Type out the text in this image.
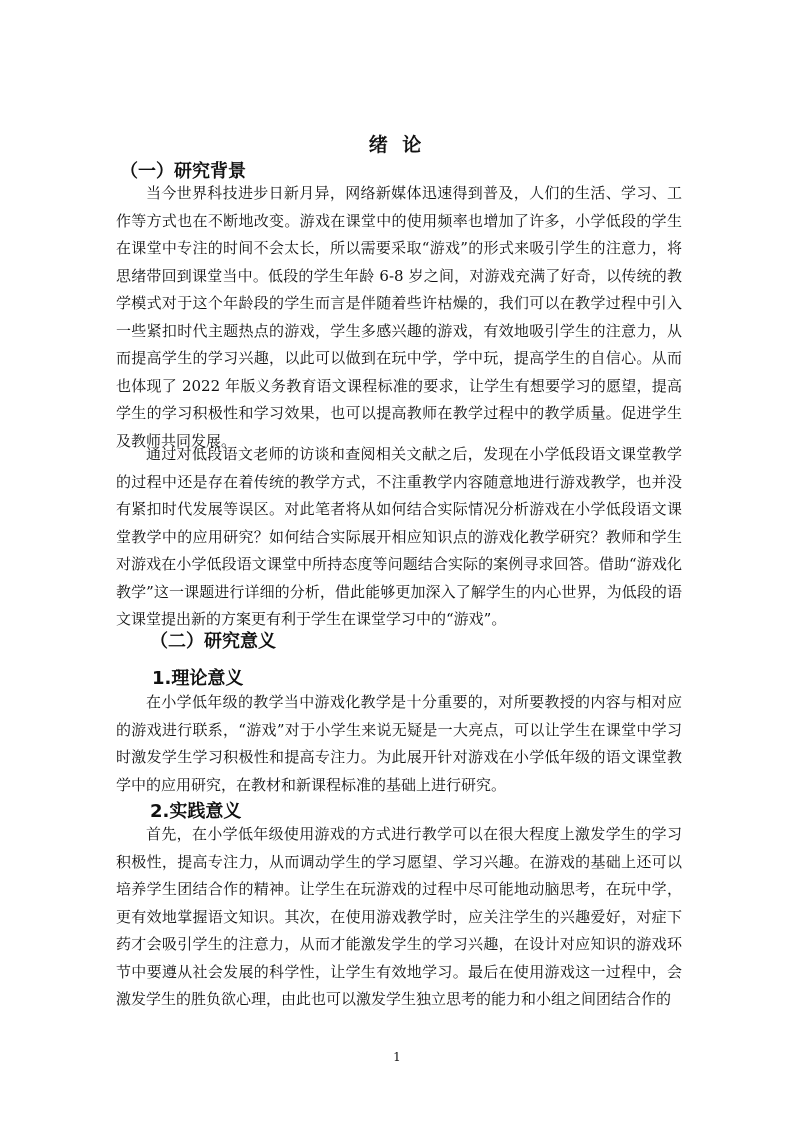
绪 论
（一）研究背景

当今世界科技进步日新月异，网络新媒体迅速得到普及，人们的生活、学习、工作等方式也在不断地改变。游戏在课堂中的使用频率也增加了许多，小学低段的学生在课堂中专注的时间不会太长，所以需要采取“游戏”的形式来吸引学生的注意力，将思绪带回到课堂当中。低段的学生年龄 6-8 岁之间，对游戏充满了好奇，以传统的教学模式对于这个年龄段的学生而言是伴随着些许枯燥的，我们可以在教学过程中引入一些紧扣时代主题热点的游戏，学生多感兴趣的游戏，有效地吸引学生的注意力，从而提高学生的学习兴趣，以此可以做到在玩中学，学中玩，提高学生的自信心。从而也体现了 2022 年版义务教育语文课程标准的要求，让学生有想要学习的愿望，提高学生的学习积极性和学习效果，也可以提高教师在教学过程中的教学质量。促进学生及教师共同发展。

通过对低段语文老师的访谈和查阅相关文献之后，发现在小学低段语文课堂教学的过程中还是存在着传统的教学方式，不注重教学内容随意地进行游戏教学，也并没有紧扣时代发展等误区。对此笔者将从如何结合实际情况分析游戏在小学低段语文课堂教学中的应用研究？如何结合实际展开相应知识点的游戏化教学研究？教师和学生对游戏在小学低段语文课堂中所持态度等问题结合实际的案例寻求回答。借助“游戏化教学”这一课题进行详细的分析，借此能够更加深入了解学生的内心世界，为低段的语文课堂提出新的方案更有利于学生在课堂学习中的“游戏”。

（二）研究意义
1.理论意义

在小学低年级的教学当中游戏化教学是十分重要的，对所要教授的内容与相对应的游戏进行联系，“游戏”对于小学生来说无疑是一大亮点，可以让学生在课堂中学习时激发学生学习积极性和提高专注力。为此展开针对游戏在小学低年级的语文课堂教学中的应用研究，在教材和新课程标准的基础上进行研究。

2.实践意义

首先，在小学低年级使用游戏的方式进行教学可以在很大程度上激发学生的学习积极性，提高专注力，从而调动学生的学习愿望、学习兴趣。在游戏的基础上还可以培养学生团结合作的精神。让学生在玩游戏的过程中尽可能地动脑思考，在玩中学，更有效地掌握语文知识。其次，在使用游戏教学时，应关注学生的兴趣爱好，对症下药才会吸引学生的注意力，从而才能激发学生的学习兴趣，在设计对应知识的游戏环节中要遵从社会发展的科学性，让学生有效地学习。最后在使用游戏这一过程中，会激发学生的胜负欲心理，由此也可以激发学生独立思考的能力和小组之间团结合作的

1
